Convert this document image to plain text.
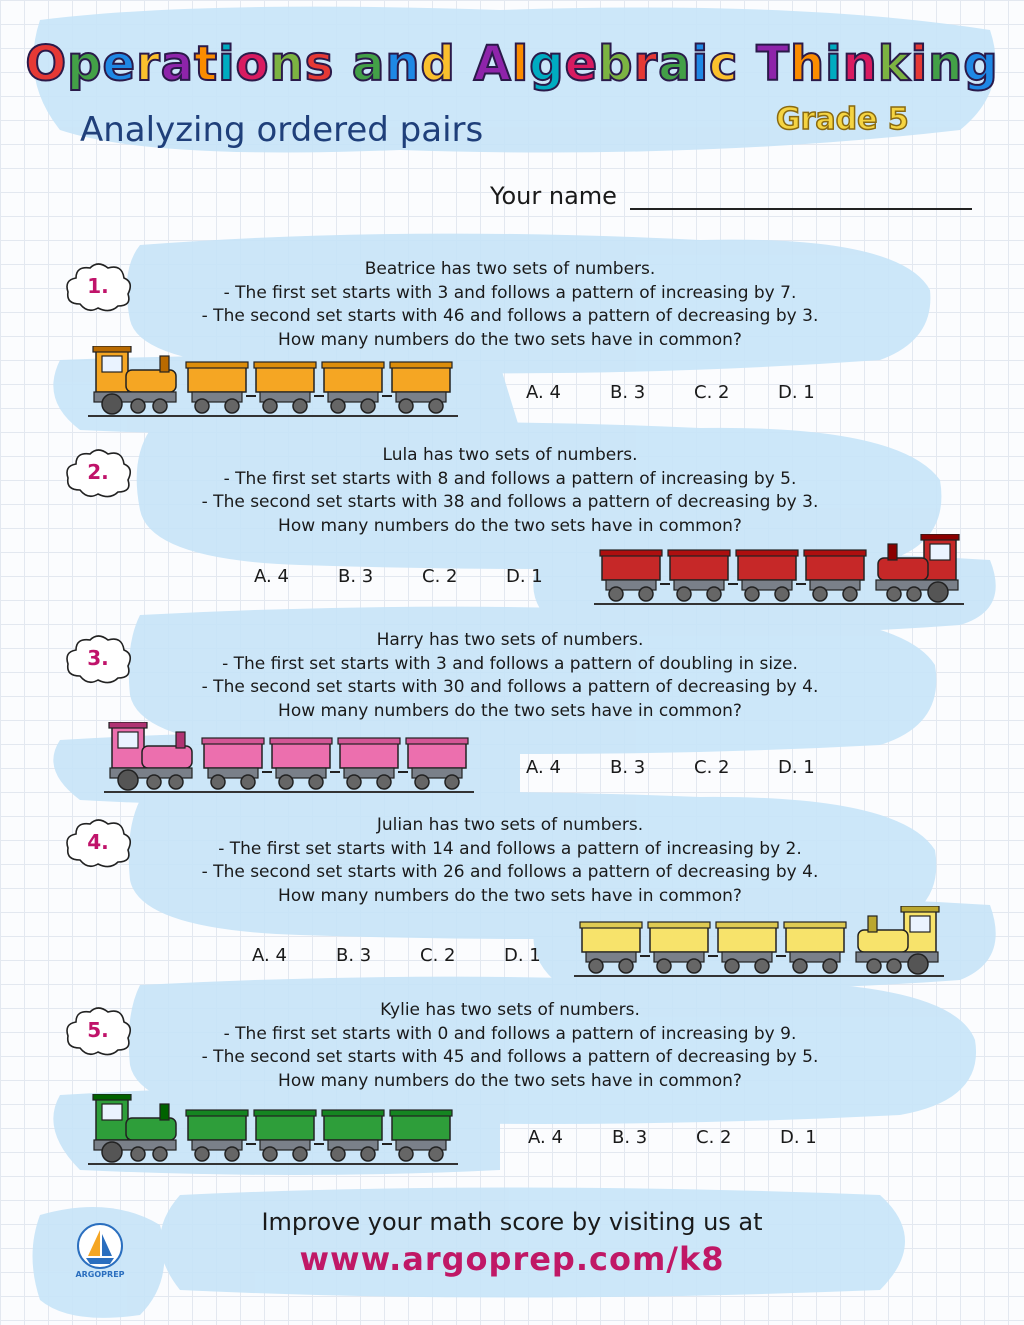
Operations and Algebraic Thinking
Analyzing ordered pairs	Grade 5
Your name
1.
2.
3.
4.
5.
Beatrice has two sets of numbers.
- The first set starts with 3 and follows a pattern of increasing by 7.
- The second set starts with 46 and follows a pattern of decreasing by 3.
How many numbers do the two sets have in common?
Lula has two sets of numbers.
- The first set starts with 8 and follows a pattern of increasing by 5.
- The second set starts with 38 and follows a pattern of decreasing by 3.
How many numbers do the two sets have in common?
Harry has two sets of numbers.
- The first set starts with 3 and follows a pattern of doubling in size.
- The second set starts with 30 and follows a pattern of decreasing by 4.
How many numbers do the two sets have in common?
Julian has two sets of numbers.
- The first set starts with 14 and follows a pattern of increasing by 2.
- The second set starts with 26 and follows a pattern of decreasing by 4.
How many numbers do the two sets have in common?
Kylie has two sets of numbers.
- The first set starts with 0 and follows a pattern of increasing by 9.
- The second set starts with 45 and follows a pattern of decreasing by 5.
How many numbers do the two sets have in common?
A. 4	B. 3	C. 2	D. 1
A. 4	B. 3	C. 2	D. 1
A. 4	B. 3	C. 2	D. 1
A. 4	B. 3	C. 2	D. 1
A. 4	B. 3	C. 2	D. 1
ARGOPREP
Improve your math score by visiting us at
www.argoprep.com/k8
